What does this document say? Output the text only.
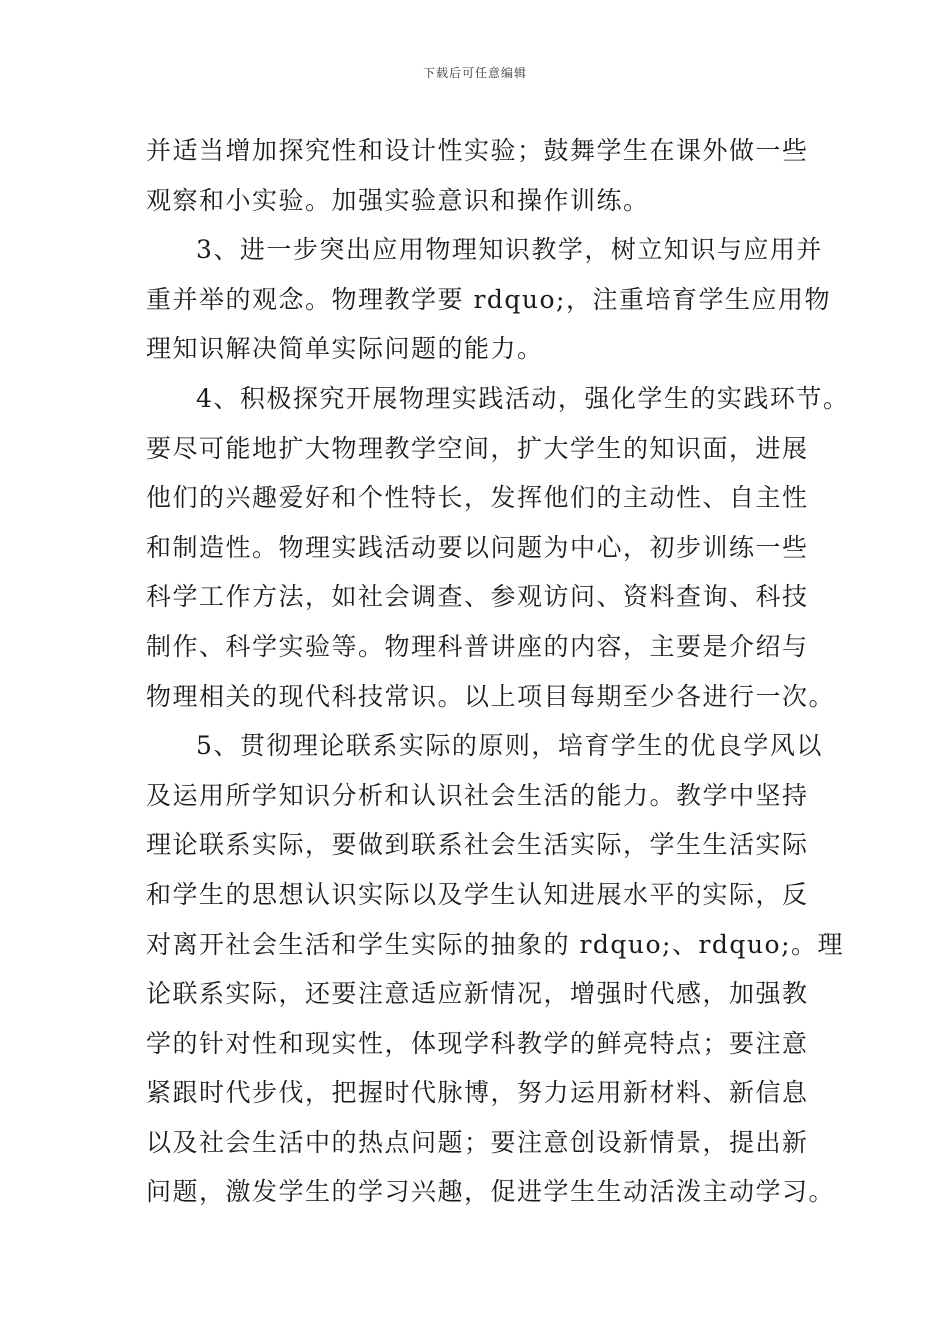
下载后可任意编辑

并适当增加探究性和设计性实验；鼓舞学生在课外做一些
观察和小实验。加强实验意识和操作训练。

3、进一步突出应用物理知识教学，树立知识与应用并
重并举的观念。物理教学要 rdquo;，注重培育学生应用物
理知识解决简单实际问题的能力。

4、积极探究开展物理实践活动，强化学生的实践环节。
要尽可能地扩大物理教学空间，扩大学生的知识面，进展
他们的兴趣爱好和个性特长，发挥他们的主动性、自主性
和制造性。物理实践活动要以问题为中心，初步训练一些
科学工作方法，如社会调查、参观访问、资料查询、科技
制作、科学实验等。物理科普讲座的内容，主要是介绍与
物理相关的现代科技常识。以上项目每期至少各进行一次。

5、贯彻理论联系实际的原则，培育学生的优良学风以
及运用所学知识分析和认识社会生活的能力。教学中坚持
理论联系实际，要做到联系社会生活实际，学生生活实际
和学生的思想认识实际以及学生认知进展水平的实际，反
对离开社会生活和学生实际的抽象的 rdquo;、rdquo;。理
论联系实际，还要注意适应新情况，增强时代感，加强教
学的针对性和现实性，体现学科教学的鲜亮特点；要注意
紧跟时代步伐，把握时代脉博，努力运用新材料、新信息
以及社会生活中的热点问题；要注意创设新情景，提出新
问题，激发学生的学习兴趣，促进学生生动活泼主动学习。
